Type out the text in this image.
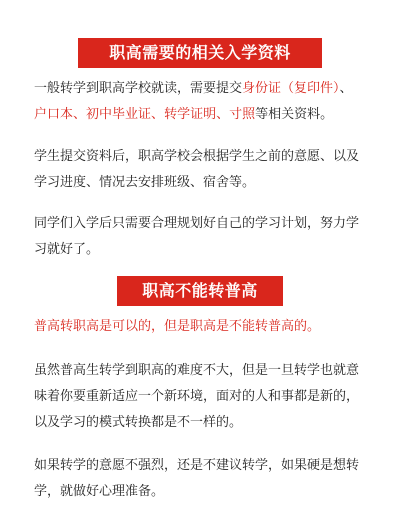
职高需要的相关入学资料
一般转学到职高学校就读，需要提交身份证（复印件）、
户口本、初中毕业证、转学证明、寸照等相关资料。
学生提交资料后，职高学校会根据学生之前的意愿、以及
学习进度、情况去安排班级、宿舍等。
同学们入学后只需要合理规划好自己的学习计划，努力学
习就好了。
职高不能转普高
普高转职高是可以的，但是职高是不能转普高的。
虽然普高生转学到职高的难度不大，但是一旦转学也就意
味着你要重新适应一个新环境，面对的人和事都是新的，
以及学习的模式转换都是不一样的。
如果转学的意愿不强烈，还是不建议转学，如果硬是想转
学，就做好心理准备。
